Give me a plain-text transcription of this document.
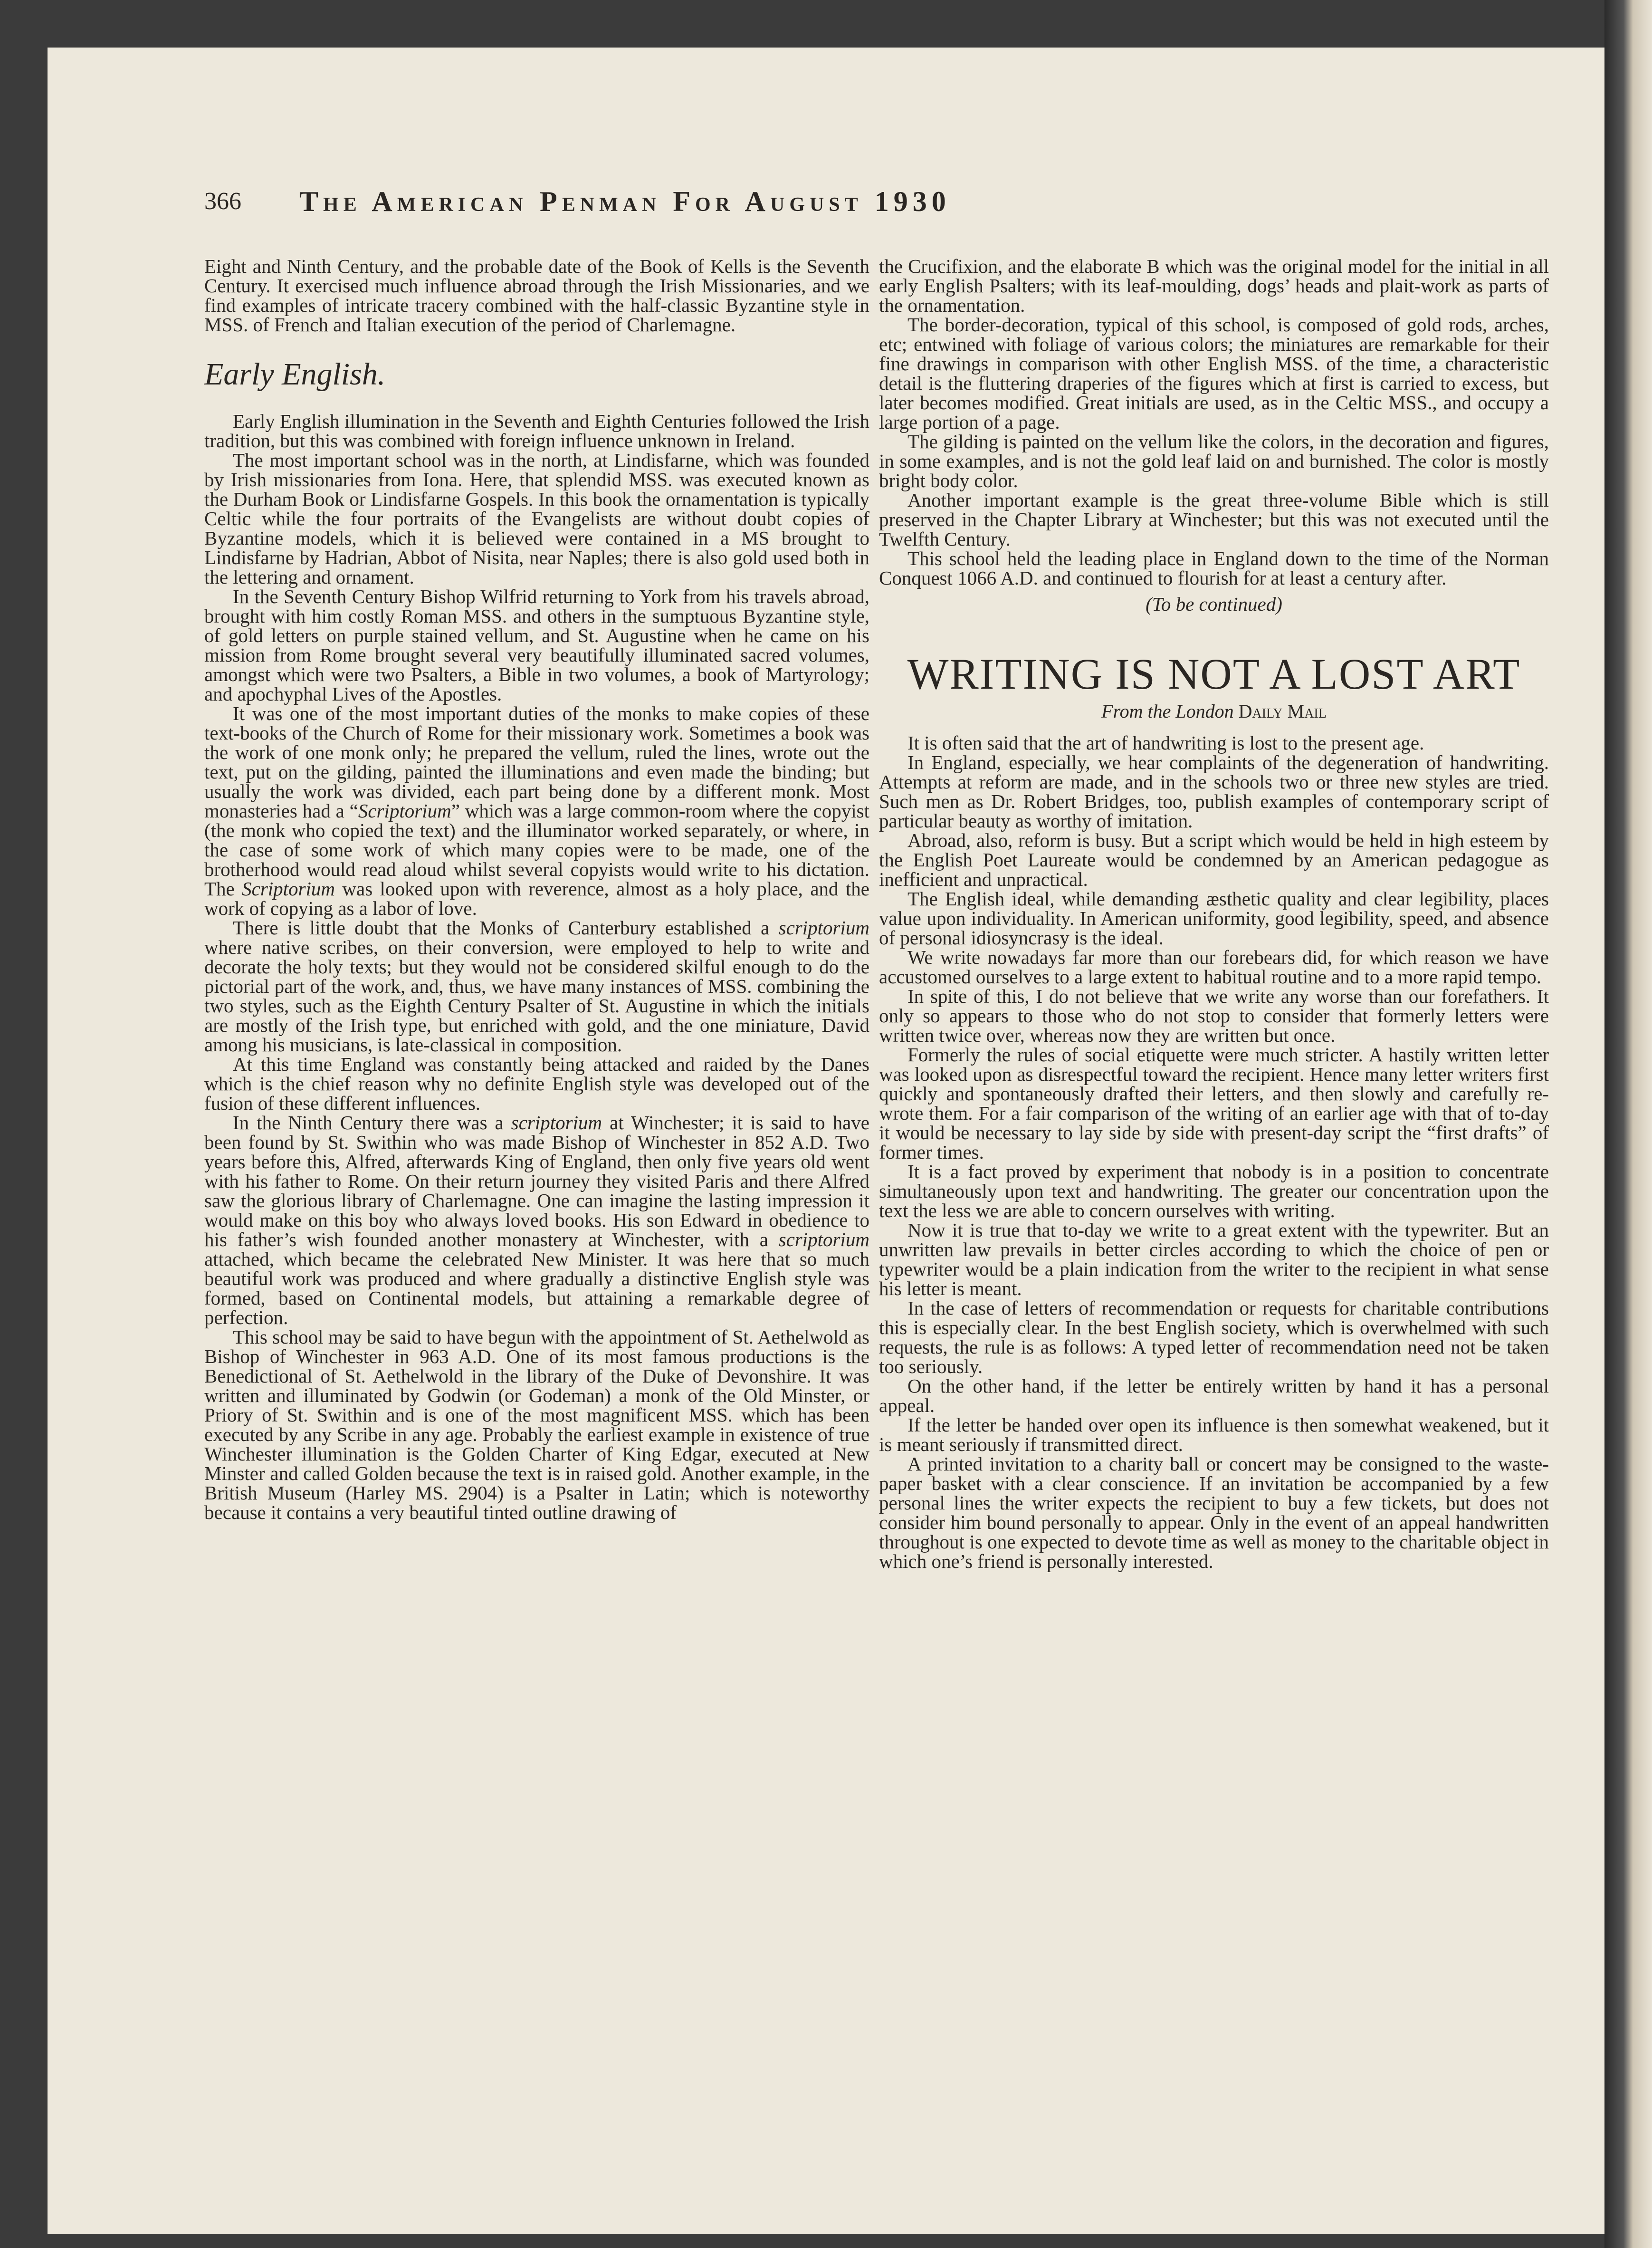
366 The American Penman For August 1930

Eight and Ninth Century, and the probable date of the Book of Kells is the Seventh Century. It exercised much influence abroad through the Irish Missionaries, and we find examples of intricate tracery combined with the half-classic Byzantine style in MSS. of French and Italian execution of the period of Charlemagne.

Early English.

Early English illumination in the Seventh and Eighth Centuries followed the Irish tradition, but this was combined with foreign influence unknown in Ireland.

The most important school was in the north, at Lindisfarne, which was founded by Irish missionaries from Iona. Here, that splendid MSS. was executed known as the Durham Book or Lindisfarne Gospels. In this book the ornamentation is typically Celtic while the four portraits of the Evangelists are without doubt copies of Byzantine models, which it is believed were contained in a MS brought to Lindisfarne by Hadrian, Abbot of Nisita, near Naples; there is also gold used both in the lettering and ornament.

In the Seventh Century Bishop Wilfrid returning to York from his travels abroad, brought with him costly Roman MSS. and others in the sumptuous Byzantine style, of gold letters on purple stained vellum, and St. Augustine when he came on his mission from Rome brought several very beautifully illuminated sacred volumes, amongst which were two Psalters, a Bible in two volumes, a book of Martyrology; and apochyphal Lives of the Apostles.

It was one of the most important duties of the monks to make copies of these text-books of the Church of Rome for their missionary work. Sometimes a book was the work of one monk only; he prepared the vellum, ruled the lines, wrote out the text, put on the gilding, painted the illuminations and even made the binding; but usually the work was divided, each part being done by a different monk. Most monasteries had a “Scriptorium” which was a large common-room where the copyist (the monk who copied the text) and the illuminator worked separately, or where, in the case of some work of which many copies were to be made, one of the brotherhood would read aloud whilst several copyists would write to his dictation. The Scriptorium was looked upon with reverence, almost as a holy place, and the work of copying as a labor of love.

There is little doubt that the Monks of Canterbury established a scriptorium where native scribes, on their conversion, were employed to help to write and decorate the holy texts; but they would not be considered skilful enough to do the pictorial part of the work, and, thus, we have many instances of MSS. combining the two styles, such as the Eighth Century Psalter of St. Augustine in which the initials are mostly of the Irish type, but enriched with gold, and the one miniature, David among his musicians, is late-classical in composition.

At this time England was constantly being attacked and raided by the Danes which is the chief reason why no definite English style was developed out of the fusion of these different influences.

In the Ninth Century there was a scriptorium at Winchester; it is said to have been found by St. Swithin who was made Bishop of Winchester in 852 A.D. Two years before this, Alfred, afterwards King of England, then only five years old went with his father to Rome. On their return journey they visited Paris and there Alfred saw the glorious library of Charlemagne. One can imagine the lasting impression it would make on this boy who always loved books. His son Edward in obedience to his father’s wish founded another monastery at Winchester, with a scriptorium attached, which became the celebrated New Minister. It was here that so much beautiful work was produced and where gradually a distinctive English style was formed, based on Continental models, but attaining a remarkable degree of perfection.

This school may be said to have begun with the appointment of St. Aethelwold as Bishop of Winchester in 963 A.D. One of its most famous productions is the Benedictional of St. Aethelwold in the library of the Duke of Devonshire. It was written and illuminated by Godwin (or Godeman) a monk of the Old Minster, or Priory of St. Swithin and is one of the most magnificent MSS. which has been executed by any Scribe in any age. Probably the earliest example in existence of true Winchester illumination is the Golden Charter of King Edgar, executed at New Minster and called Golden because the text is in raised gold. Another example, in the British Museum (Harley MS. 2904) is a Psalter in Latin; which is noteworthy because it contains a very beautiful tinted outline drawing of

the Crucifixion, and the elaborate B which was the original model for the initial in all early English Psalters; with its leaf-moulding, dogs’ heads and plait-work as parts of the ornamentation.

The border-decoration, typical of this school, is composed of gold rods, arches, etc; entwined with foliage of various colors; the miniatures are remarkable for their fine drawings in comparison with other English MSS. of the time, a characteristic detail is the fluttering draperies of the figures which at first is carried to excess, but later becomes modified. Great initials are used, as in the Celtic MSS., and occupy a large portion of a page.

The gilding is painted on the vellum like the colors, in the decoration and figures, in some examples, and is not the gold leaf laid on and burnished. The color is mostly bright body color.

Another important example is the great three-volume Bible which is still preserved in the Chapter Library at Winchester; but this was not executed until the Twelfth Century.

This school held the leading place in England down to the time of the Norman Conquest 1066 A.D. and continued to flourish for at least a century after.

(To be continued)
WRITING IS NOT A LOST ART
From the London Daily Mail

It is often said that the art of handwriting is lost to the present age.

In England, especially, we hear complaints of the degeneration of handwriting. Attempts at reform are made, and in the schools two or three new styles are tried. Such men as Dr. Robert Bridges, too, publish examples of contemporary script of particular beauty as worthy of imitation.

Abroad, also, reform is busy. But a script which would be held in high esteem by the English Poet Laureate would be condemned by an American pedagogue as inefficient and unpractical.

The English ideal, while demanding æsthetic quality and clear legibility, places value upon individuality. In American uniformity, good legibility, speed, and absence of personal idiosyncrasy is the ideal.

We write nowadays far more than our forebears did, for which reason we have accustomed ourselves to a large extent to habitual routine and to a more rapid tempo.

In spite of this, I do not believe that we write any worse than our forefathers. It only so appears to those who do not stop to consider that formerly letters were written twice over, whereas now they are written but once.

Formerly the rules of social etiquette were much stricter. A hastily written letter was looked upon as disrespectful toward the recipient. Hence many letter writers first quickly and spontaneously drafted their letters, and then slowly and carefully re-wrote them. For a fair comparison of the writing of an earlier age with that of to-day it would be necessary to lay side by side with present-day script the “first drafts” of former times.

It is a fact proved by experiment that nobody is in a position to concentrate simultaneously upon text and handwriting. The greater our concentration upon the text the less we are able to concern ourselves with writing.

Now it is true that to-day we write to a great extent with the typewriter. But an unwritten law prevails in better circles according to which the choice of pen or typewriter would be a plain indication from the writer to the recipient in what sense his letter is meant.

In the case of letters of recommendation or requests for charitable contributions this is especially clear. In the best English society, which is overwhelmed with such requests, the rule is as follows: A typed letter of recommendation need not be taken too seriously.

On the other hand, if the letter be entirely written by hand it has a personal appeal.

If the letter be handed over open its influence is then somewhat weakened, but it is meant seriously if transmitted direct.

A printed invitation to a charity ball or concert may be consigned to the waste-paper basket with a clear conscience. If an invitation be accompanied by a few personal lines the writer expects the recipient to buy a few tickets, but does not consider him bound personally to appear. Only in the event of an appeal handwritten throughout is one expected to devote time as well as money to the charitable object in which one’s friend is personally interested.
